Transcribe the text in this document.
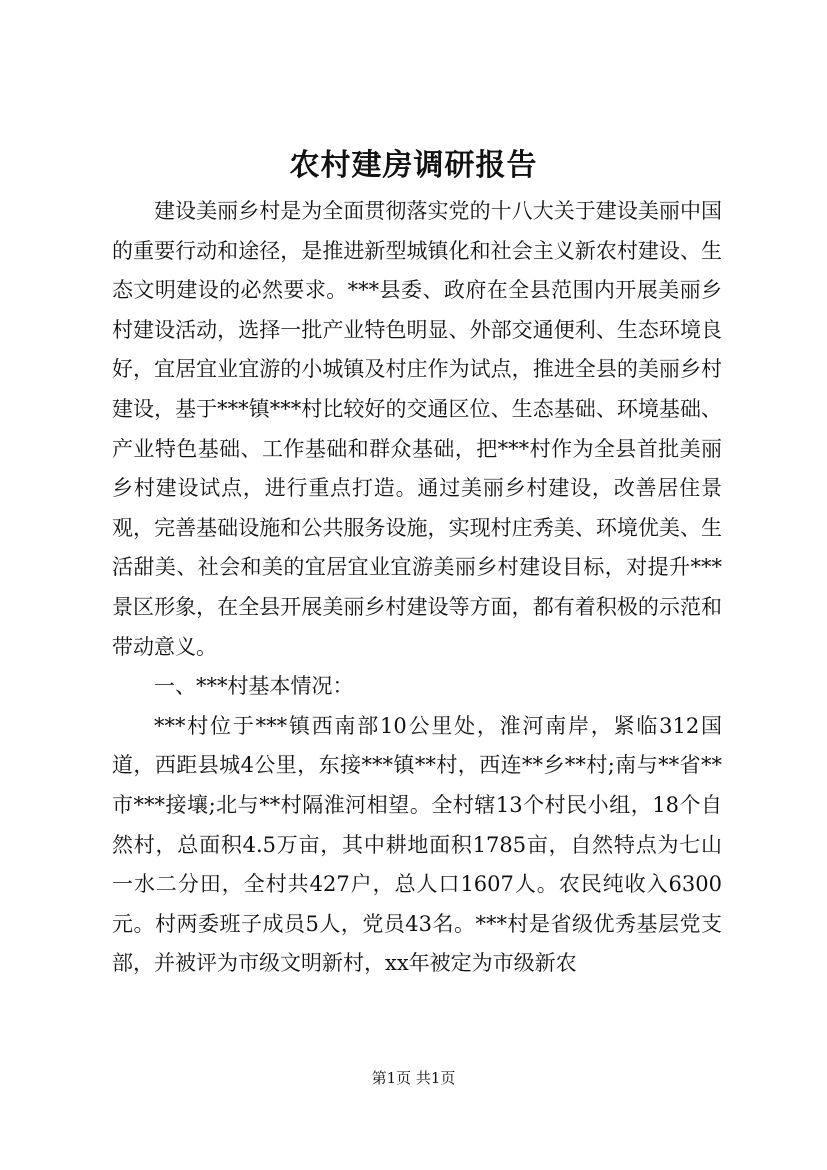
农村建房调研报告

建设美丽乡村是为全面贯彻落实党的十八大关于建设美丽中国的重要行动和途径，是推进新型城镇化和社会主义新农村建设、生态文明建设的必然要求。***县委、政府在全县范围内开展美丽乡村建设活动，选择一批产业特色明显、外部交通便利、生态环境良好，宜居宜业宜游的小城镇及村庄作为试点，推进全县的美丽乡村建设，基于***镇***村比较好的交通区位、生态基础、环境基础、产业特色基础、工作基础和群众基础，把***村作为全县首批美丽乡村建设试点，进行重点打造。通过美丽乡村建设，改善居住景观，完善基础设施和公共服务设施，实现村庄秀美、环境优美、生活甜美、社会和美的宜居宜业宜游美丽乡村建设目标，对提升***景区形象，在全县开展美丽乡村建设等方面，都有着积极的示范和带动意义。

一、***村基本情况：

***村位于***镇西南部10公里处，淮河南岸，紧临312国道，西距县城4公里，东接***镇**村，西连**乡**村;南与**省**市***接壤;北与**村隔淮河相望。全村辖13个村民小组，18个自然村，总面积4.5万亩，其中耕地面积1785亩，自然特点为七山一水二分田，全村共427户，总人口1607人。农民纯收入6300元。村两委班子成员5人，党员43名。***村是省级优秀基层党支部，并被评为市级文明新村，xx年被定为市级新农

第1页 共1页
